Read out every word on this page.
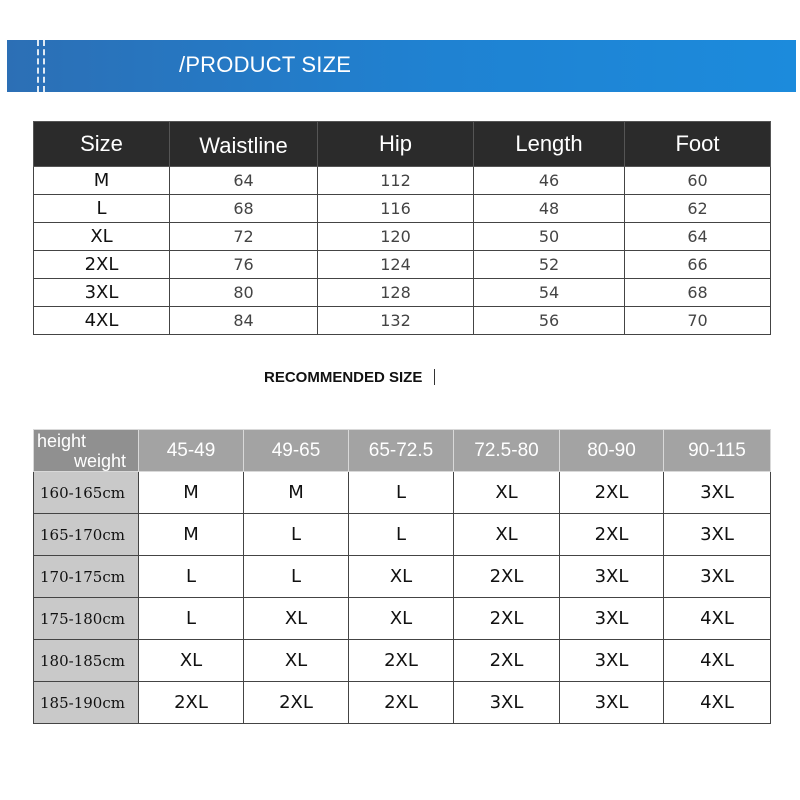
/PRODUCT SIZE
Size	Waistline	Hip	Length	Foot
M	64	112	46	60
L	68	116	48	62
XL	72	120	50	64
2XL	76	124	52	66
3XL	80	128	54	68
4XL	84	132	56	70
RECOMMENDED SIZE
height
weight	45-49	49-65	65-72.5	72.5-80	80-90	90-115
160-165cm	M	M	L	XL	2XL	3XL
165-170cm	M	L	L	XL	2XL	3XL
170-175cm	L	L	XL	2XL	3XL	3XL
175-180cm	L	XL	XL	2XL	3XL	4XL
180-185cm	XL	XL	2XL	2XL	3XL	4XL
185-190cm	2XL	2XL	2XL	3XL	3XL	4XL
